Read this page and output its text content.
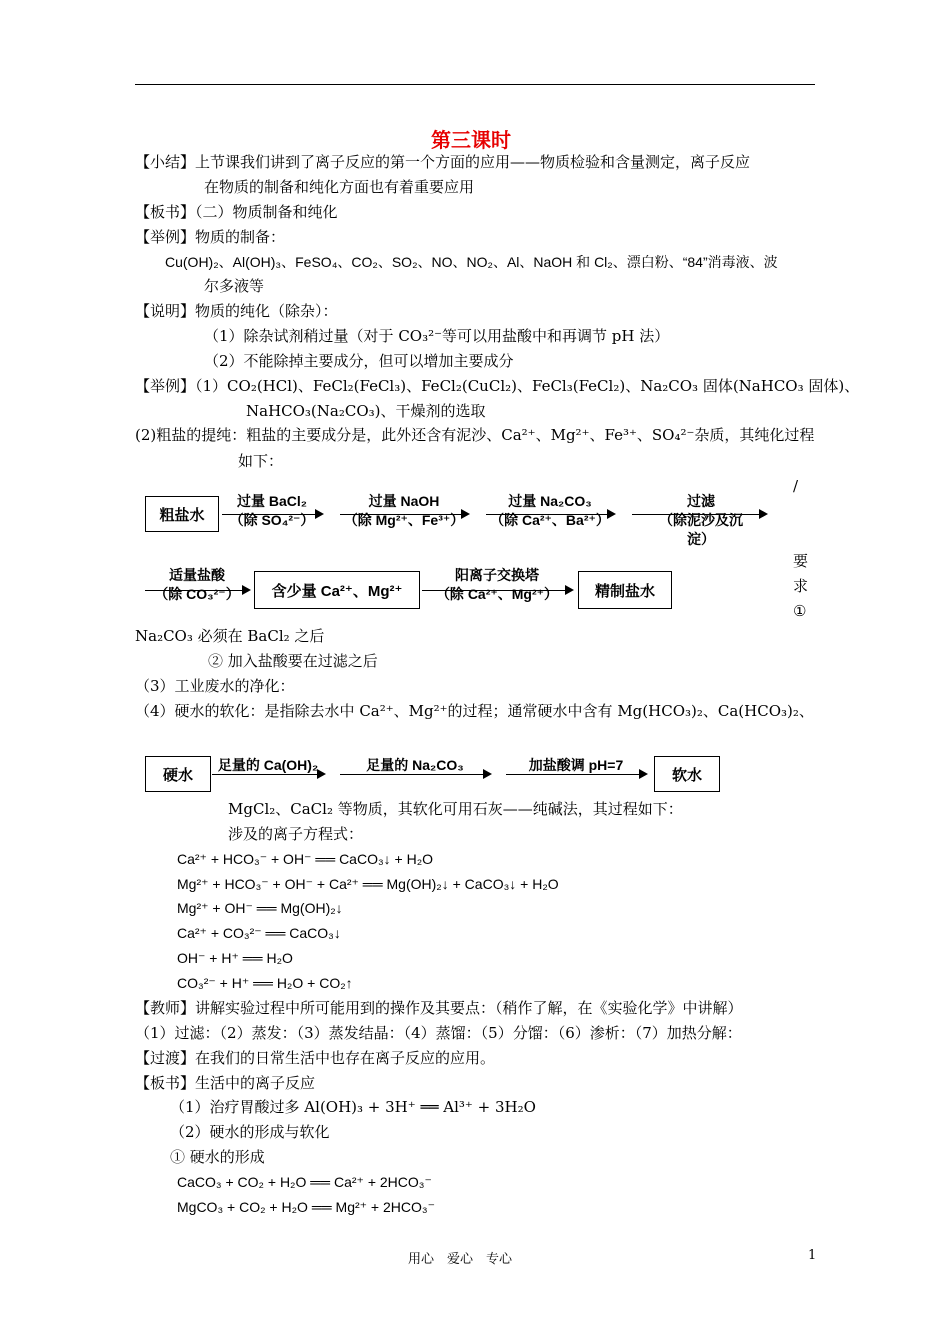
第三课时
【小结】上节课我们讲到了离子反应的第一个方面的应用——物质检验和含量测定，离子反应
在物质的制备和纯化方面也有着重要应用
【板书】（二）物质制备和纯化
【举例】物质的制备：
Cu(OH)₂、Al(OH)₃、FeSO₄、CO₂、SO₂、NO、NO₂、Al、NaOH 和 Cl₂、漂白粉、“84”消毒液、波
尔多液等
【说明】物质的纯化（除杂）：
（1）除杂试剂稍过量（对于 CO₃²⁻等可以用盐酸中和再调节 pH 法）
（2）不能除掉主要成分，但可以增加主要成分
【举例】（1）CO₂(HCl)、FeCl₂(FeCl₃)、FeCl₂(CuCl₂)、FeCl₃(FeCl₂)、Na₂CO₃ 固体(NaHCO₃ 固体)、
NaHCO₃(Na₂CO₃)、干燥剂的选取
(2)粗盐的提纯：粗盐的主要成分是，此外还含有泥沙、Ca²⁺、Mg²⁺、Fe³⁺、SO₄²⁻杂质，其纯化过程
如下：
粗盐水
过量 BaCl₂
（除 SO₄²⁻）
过量 NaOH
（除 Mg²⁺、Fe³⁺）
过量 Na₂CO₃
（除 Ca²⁺、Ba²⁺）
过滤
（除泥沙及沉
淀）
适量盐酸
（除 CO₃²⁻）	含少量 Ca²⁺、Mg²⁺
阳离子交换塔
（除 Ca²⁺、Mg²⁺）	精制盐水
/
要
求
①
Na₂CO₃ 必须在 BaCl₂ 之后
② 加入盐酸要在过滤之后
（3）工业废水的净化：
（4）硬水的软化：是指除去水中 Ca²⁺、Mg²⁺的过程；通常硬水中含有 Mg(HCO₃)₂、Ca(HCO₃)₂、
硬水
足量的 Ca(OH)₂	足量的 Na₂CO₃	加盐酸调 pH=7
软水
MgCl₂、CaCl₂ 等物质，其软化可用石灰——纯碱法，其过程如下：
涉及的离子方程式：
Ca²⁺ + HCO₃⁻ + OH⁻ ══ CaCO₃↓ + H₂O
Mg²⁺ + HCO₃⁻ + OH⁻ + Ca²⁺ ══ Mg(OH)₂↓ + CaCO₃↓ + H₂O
Mg²⁺ + OH⁻ ══ Mg(OH)₂↓
Ca²⁺ + CO₃²⁻ ══ CaCO₃↓
OH⁻ + H⁺ ══ H₂O
CO₃²⁻ + H⁺ ══ H₂O + CO₂↑
【教师】讲解实验过程中所可能用到的操作及其要点：（稍作了解，在《实验化学》中讲解）
（1）过滤：（2）蒸发：（3）蒸发结晶：（4）蒸馏：（5）分馏：（6）渗析：（7）加热分解：
【过渡】在我们的日常生活中也存在离子反应的应用。
【板书】生活中的离子反应
（1）治疗胃酸过多 Al(OH)₃ + 3H⁺ ══ Al³⁺ + 3H₂O
（2）硬水的形成与软化
① 硬水的形成
CaCO₃ + CO₂ + H₂O ══ Ca²⁺ + 2HCO₃⁻
MgCO₃ + CO₂ + H₂O ══ Mg²⁺ + 2HCO₃⁻
用心　爱心　专心	1
